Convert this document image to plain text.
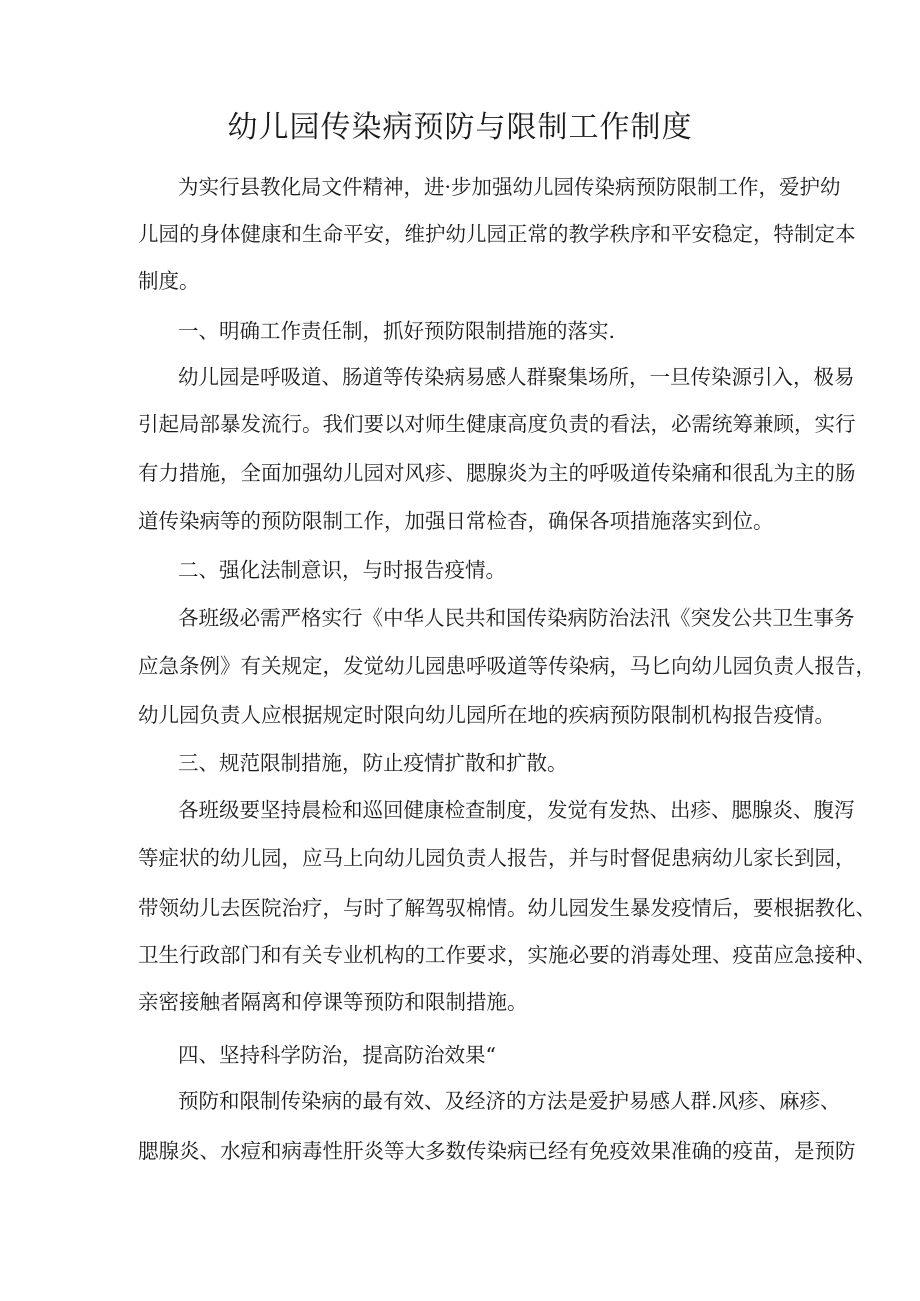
幼儿园传染病预防与限制工作制度
为实行县教化局文件精神，进·步加强幼儿园传染病预防限制工作，爱护幼
儿园的身体健康和生命平安，维护幼儿园正常的教学秩序和平安稳定，特制定本
制度。
一、明确工作责任制，抓好预防限制措施的落实.
幼儿园是呼吸道、肠道等传染病易感人群聚集场所，一旦传染源引入，极易
引起局部暴发流行。我们要以对师生健康高度负责的看法，必需统筹兼顾，实行
有力措施，全面加强幼儿园对风疹、腮腺炎为主的呼吸道传染痛和很乱为主的肠
道传染病等的预防限制工作，加强日常检杳，确保各项措施落实到位。
二、强化法制意识，与时报告疫情。
各班级必需严格实行《中华人民共和国传染病防治法汛《突发公共卫生事务
应急条例》有关规定，发觉幼儿园患呼吸道等传染病，马匕向幼儿园负责人报告，
幼儿园负责人应根据规定时限向幼儿园所在地的疾病预防限制机构报告疫情。
三、规范限制措施，防止疫情扩散和扩散。
各班级要坚持晨检和巡回健康检查制度，发觉有发热、出疹、腮腺炎、腹泻
等症状的幼儿园，应马上向幼儿园负责人报告，并与时督促患病幼儿家长到园，
带领幼儿去医院治疗，与时了解驾驭棉情。幼儿园发生暴发疫情后，要根据教化、
卫生行政部门和有关专业机构的工作要求，实施必要的消毒处理、疫苗应急接种、
亲密接触者隔离和停课等预防和限制措施。
四、坚持科学防治，提高防治效果“
预防和限制传染病的最有效、及经济的方法是爱护易感人群.风疹、麻疹、
腮腺炎、水痘和病毒性肝炎等大多数传染病已经有免疫效果准确的疫苗，是预防
